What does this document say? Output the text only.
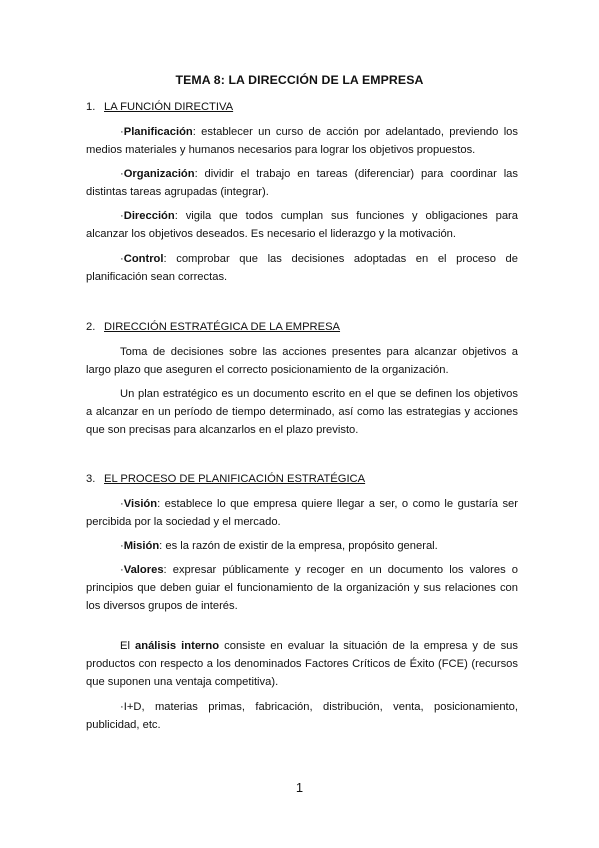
TEMA 8: LA DIRECCIÓN DE LA EMPRESA
1. LA FUNCIÓN DIRECTIVA
·Planificación: establecer un curso de acción por adelantado, previendo los medios materiales y humanos necesarios para lograr los objetivos propuestos.
·Organización: dividir el trabajo en tareas (diferenciar) para coordinar las distintas tareas agrupadas (integrar).
·Dirección: vigila que todos cumplan sus funciones y obligaciones para alcanzar los objetivos deseados. Es necesario el liderazgo y la motivación.
·Control: comprobar que las decisiones adoptadas en el proceso de planificación sean correctas.
2. DIRECCIÓN ESTRATÉGICA DE LA EMPRESA
Toma de decisiones sobre las acciones presentes para alcanzar objetivos a largo plazo que aseguren el correcto posicionamiento de la organización.
Un plan estratégico es un documento escrito en el que se definen los objetivos a alcanzar en un período de tiempo determinado, así como las estrategias y acciones que son precisas para alcanzarlos en el plazo previsto.
3. EL PROCESO DE PLANIFICACIÓN ESTRATÉGICA
·Visión: establece lo que empresa quiere llegar a ser, o como le gustaría ser percibida por la sociedad y el mercado.
·Misión: es la razón de existir de la empresa, propósito general.
·Valores: expresar públicamente y recoger en un documento los valores o principios que deben guiar el funcionamiento de la organización y sus relaciones con los diversos grupos de interés.
El análisis interno consiste en evaluar la situación de la empresa y de sus productos con respecto a los denominados Factores Críticos de Éxito (FCE) (recursos que suponen una ventaja competitiva).
·I+D, materias primas, fabricación, distribución, venta, posicionamiento, publicidad, etc.
1
